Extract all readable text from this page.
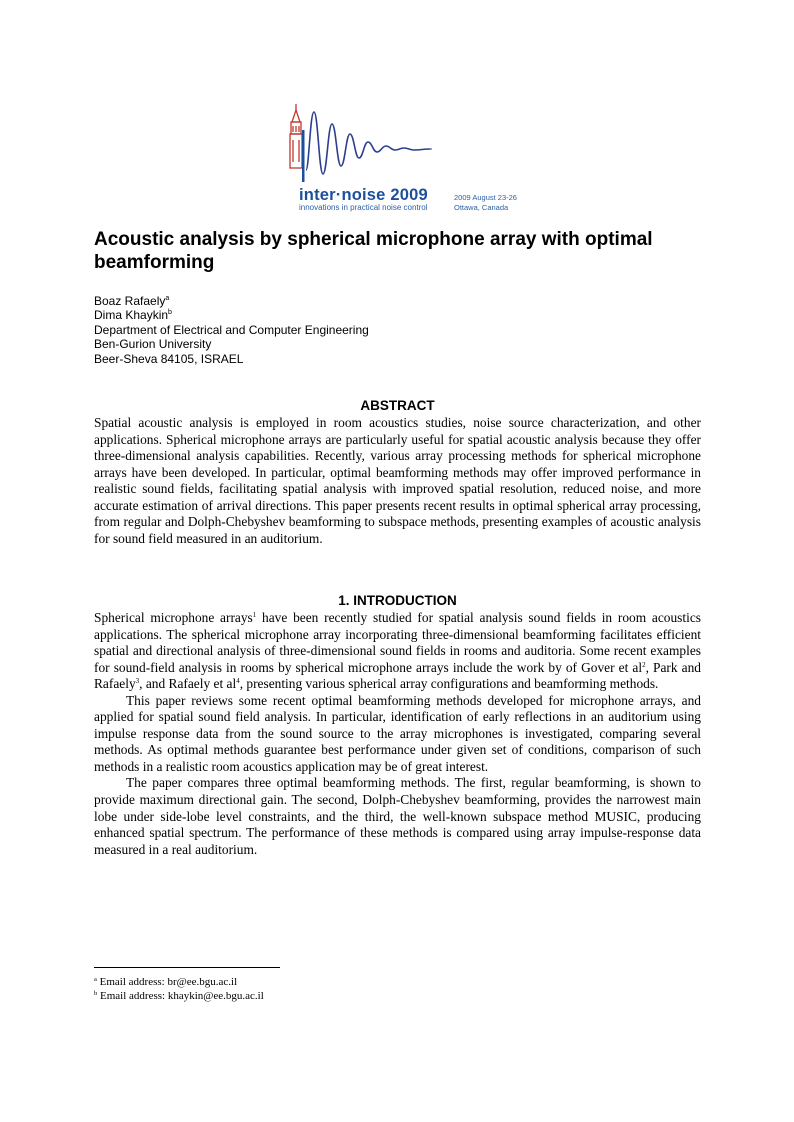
inter·noise 2009
innovations in practical noise control
2009 August 23-26
Ottawa, Canada
Acoustic analysis by spherical microphone array with optimal beamforming
Boaz Rafaely$^a$
Dima Khaykin$^b$
Department of Electrical and Computer Engineering
Ben-Gurion University
Beer-Sheva 84105, ISRAEL
ABSTRACT

Spatial acoustic analysis is employed in room acoustics studies, noise source characterization, and other applications. Spherical microphone arrays are particularly useful for spatial acoustic analysis because they offer three-dimensional analysis capabilities. Recently, various array processing methods for spherical microphone arrays have been developed. In particular, optimal beamforming methods may offer improved performance in realistic sound fields, facilitating spatial analysis with improved spatial resolution, reduced noise, and more accurate estimation of arrival directions. This paper presents recent results in optimal spherical array processing, from regular and Dolph-Chebyshev beamforming to subspace methods, presenting examples of acoustic analysis for sound field measured in an auditorium.

1. INTRODUCTION

Spherical microphone arrays$^1$ have been recently studied for spatial analysis sound fields in room acoustics applications. The spherical microphone array incorporating three-dimensional beamforming facilitates efficient spatial and directional analysis of three-dimensional sound fields in rooms and auditoria. Some recent examples for sound-field analysis in rooms by spherical microphone arrays include the work by of Gover et $al^2$, Park and Rafaely$^3$, and Rafaely et $al^4$, presenting various spherical array configurations and beamforming methods.

This paper reviews some recent optimal beamforming methods developed for microphone arrays, and applied for spatial sound field analysis. In particular, identification of early reflections in an auditorium using impulse response data from the sound source to the array microphones is investigated, comparing several methods. As optimal methods guarantee best performance under given set of conditions, comparison of such methods in a realistic room acoustics application may be of great interest.

The paper compares three optimal beamforming methods. The first, regular beamforming, is shown to provide maximum directional gain. The second, Dolph-Chebyshev beamforming, provides the narrowest main lobe under side-lobe level constraints, and the third, the well-known subspace method MUSIC, producing enhanced spatial spectrum. The performance of these methods is compared using array impulse-response data measured in a real auditorium.

$^a$ Email address: br@ee.bgu.ac.il
$^b$ Email address: khaykin@ee.bgu.ac.il
